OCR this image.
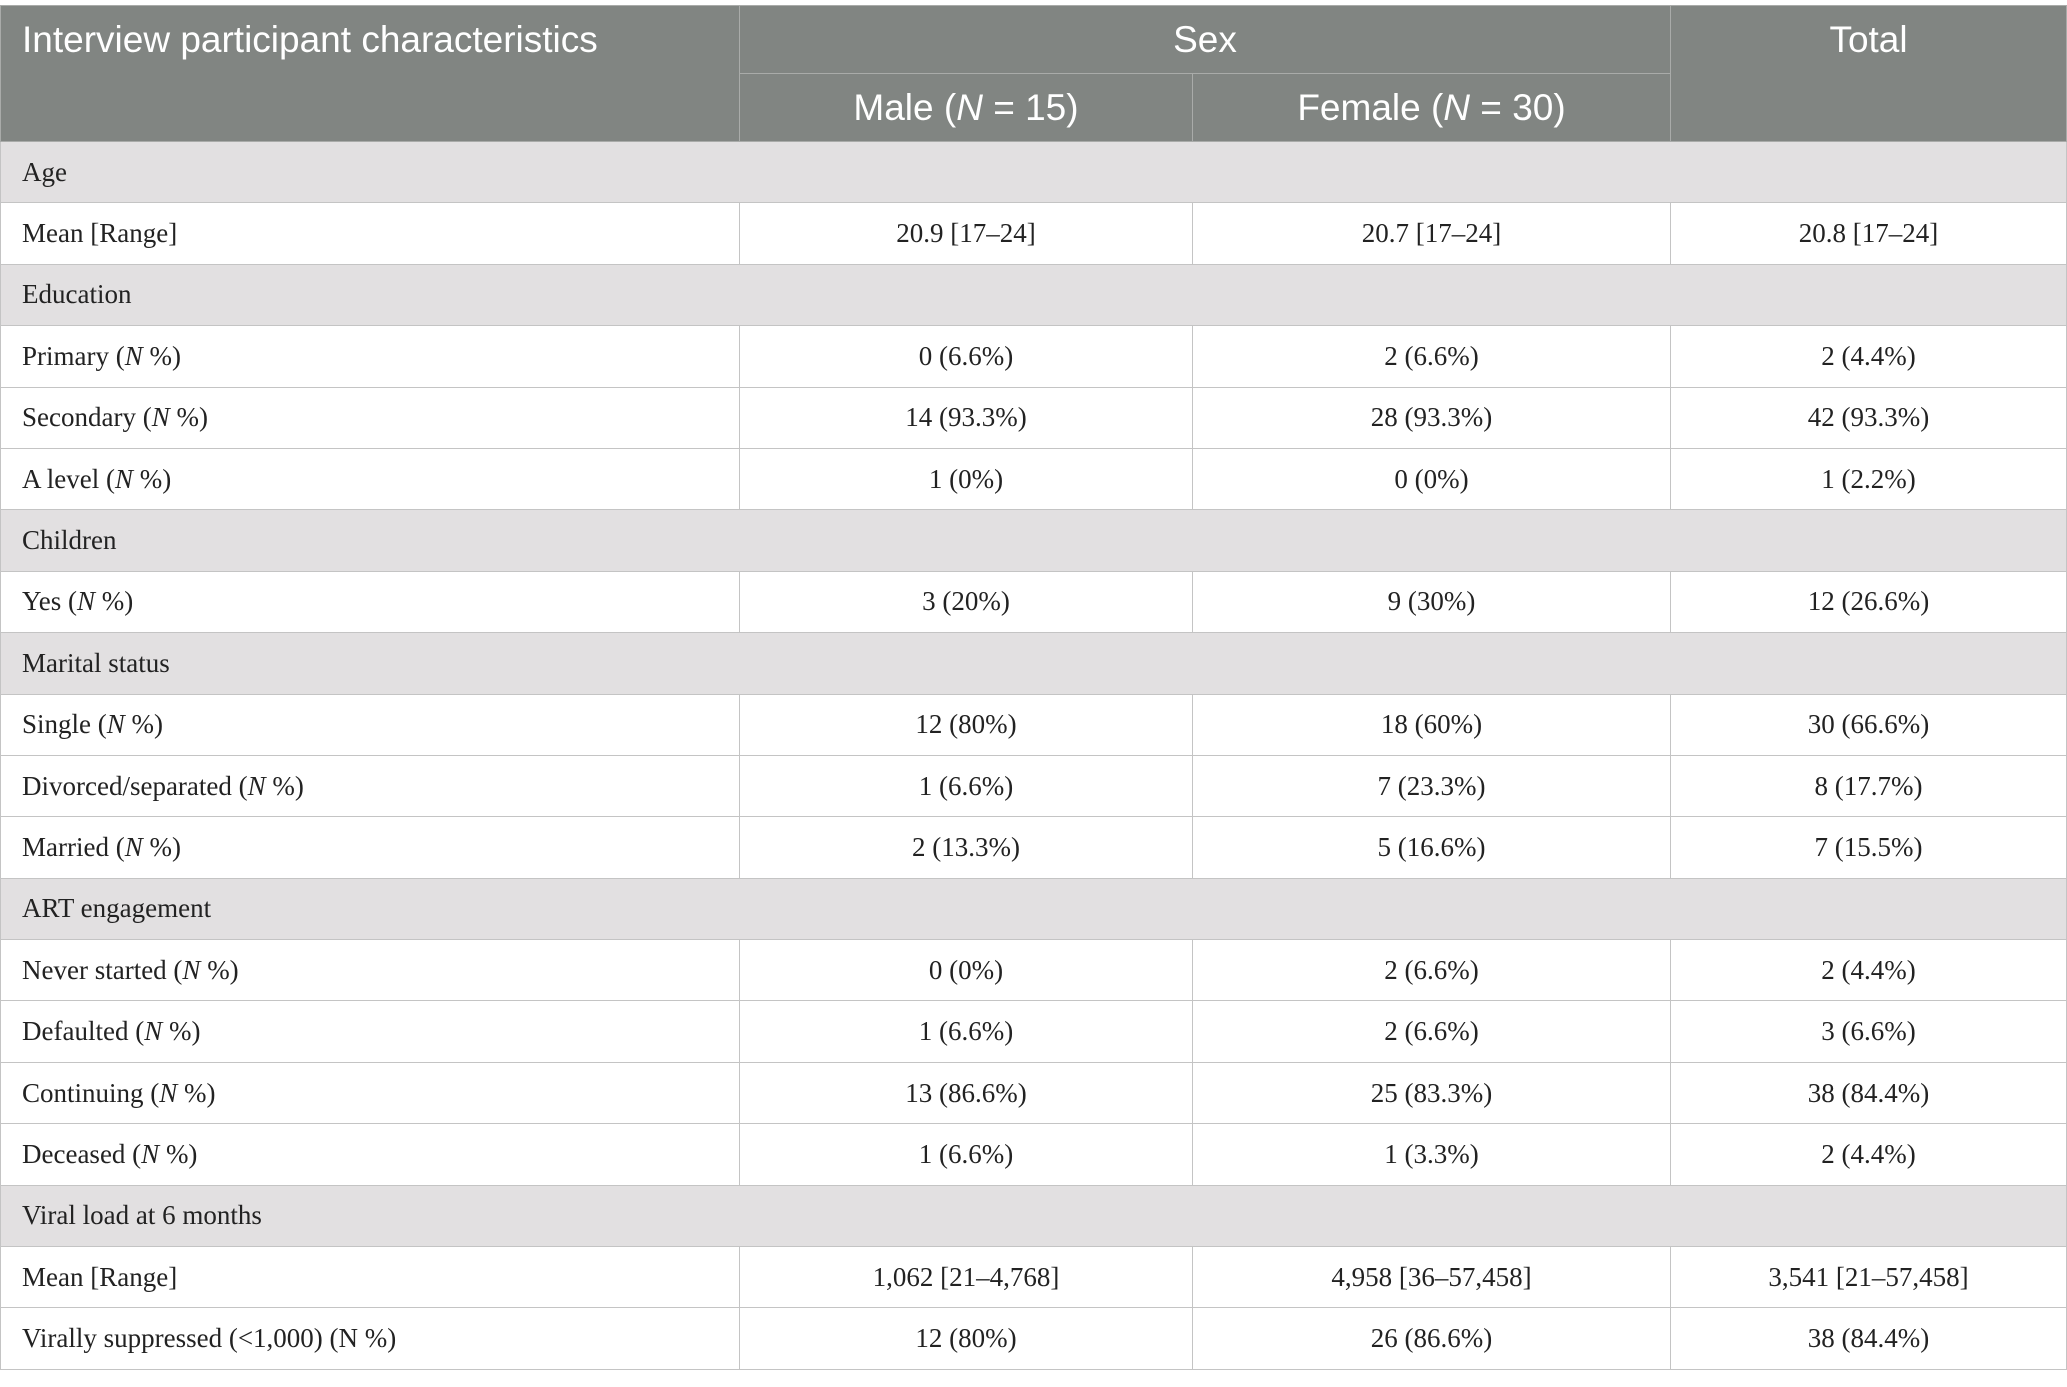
Interview participant characteristics	Sex		Total
	Male (N = 15)	Female (N = 30)	
Age			
Mean [Range]	20.9 [17–24]	20.7 [17–24]	20.8 [17–24]
Education			
Primary (N %)	0 (6.6%)	2 (6.6%)	2 (4.4%)
Secondary (N %)	14 (93.3%)	28 (93.3%)	42 (93.3%)
A level (N %)	1 (0%)	0 (0%)	1 (2.2%)
Children			
Yes (N %)	3 (20%)	9 (30%)	12 (26.6%)
Marital status			
Single (N %)	12 (80%)	18 (60%)	30 (66.6%)
Divorced/separated (N %)	1 (6.6%)	7 (23.3%)	8 (17.7%)
Married (N %)	2 (13.3%)	5 (16.6%)	7 (15.5%)
ART engagement			
Never started (N %)	0 (0%)	2 (6.6%)	2 (4.4%)
Defaulted (N %)	1 (6.6%)	2 (6.6%)	3 (6.6%)
Continuing (N %)	13 (86.6%)	25 (83.3%)	38 (84.4%)
Deceased (N %)	1 (6.6%)	1 (3.3%)	2 (4.4%)
Viral load at 6 months			
Mean [Range]	1,062 [21–4,768]	4,958 [36–57,458]	3,541 [21–57,458]
Virally suppressed (<1,000) (N %)	12 (80%)	26 (86.6%)	38 (84.4%)
